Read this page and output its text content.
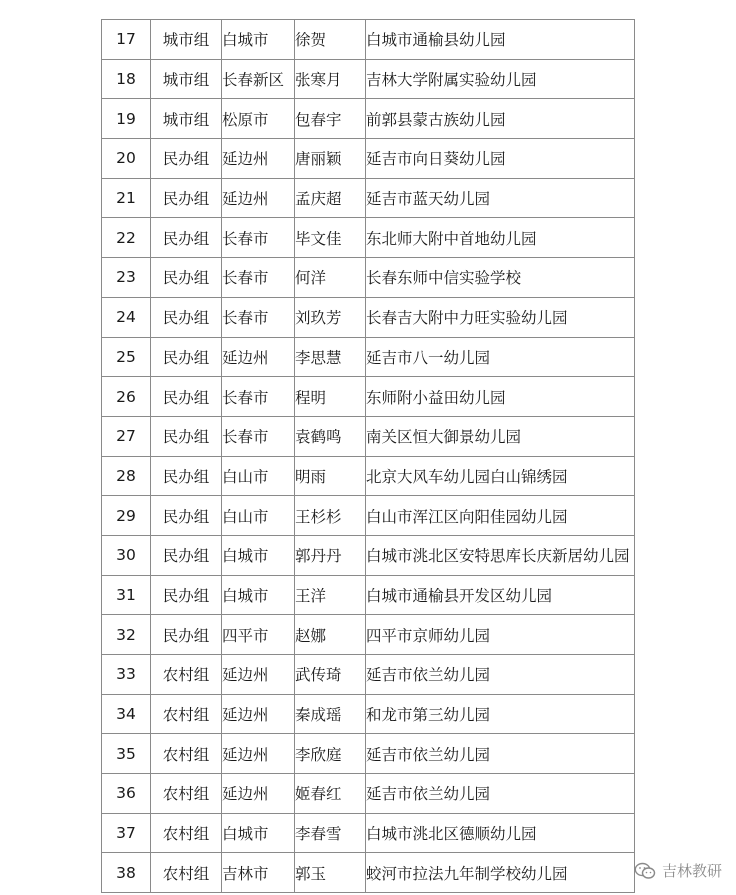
17	城市组	白城市	徐贺	白城市通榆县幼儿园
18	城市组	长春新区	张寒月	吉林大学附属实验幼儿园
19	城市组	松原市	包春宇	前郭县蒙古族幼儿园
20	民办组	延边州	唐丽颖	延吉市向日葵幼儿园
21	民办组	延边州	孟庆超	延吉市蓝天幼儿园
22	民办组	长春市	毕文佳	东北师大附中首地幼儿园
23	民办组	长春市	何洋	长春东师中信实验学校
24	民办组	长春市	刘玖芳	长春吉大附中力旺实验幼儿园
25	民办组	延边州	李思慧	延吉市八一幼儿园
26	民办组	长春市	程明	东师附小益田幼儿园
27	民办组	长春市	袁鹤鸣	南关区恒大御景幼儿园
28	民办组	白山市	明雨	北京大风车幼儿园白山锦绣园
29	民办组	白山市	王杉杉	白山市浑江区向阳佳园幼儿园
30	民办组	白城市	郭丹丹	白城市洮北区安特思库长庆新居幼儿园
31	民办组	白城市	王洋	白城市通榆县开发区幼儿园
32	民办组	四平市	赵娜	四平市京师幼儿园
33	农村组	延边州	武传琦	延吉市依兰幼儿园
34	农村组	延边州	秦成瑶	和龙市第三幼儿园
35	农村组	延边州	李欣庭	延吉市依兰幼儿园
36	农村组	延边州	姬春红	延吉市依兰幼儿园
37	农村组	白城市	李春雪	白城市洮北区德顺幼儿园
38	农村组	吉林市	郭玉	蛟河市拉法九年制学校幼儿园	吉林教研
